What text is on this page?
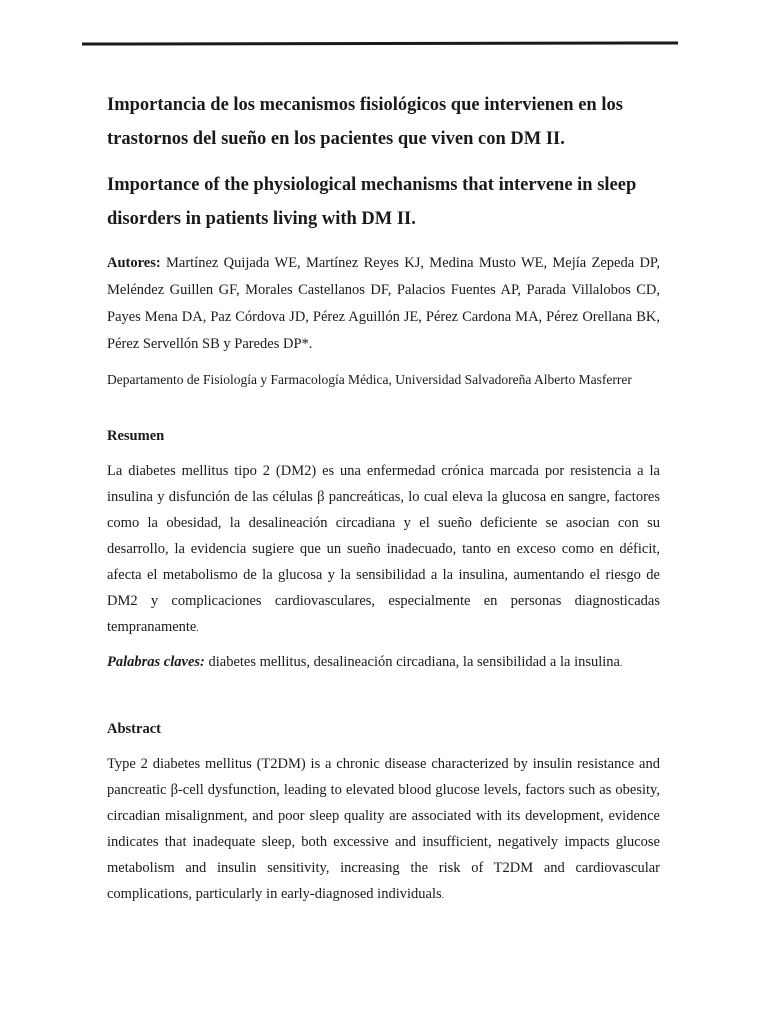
Importancia de los mecanismos fisiológicos que intervienen en los trastornos del sueño en los pacientes que viven con DM II.
Importance of the physiological mechanisms that intervene in sleep disorders in patients living with DM II.

Autores: Martínez Quijada WE, Martínez Reyes KJ, Medina Musto WE, Mejía Zepeda DP, Meléndez Guillen GF, Morales Castellanos DF, Palacios Fuentes AP, Parada Villalobos CD, Payes Mena DA, Paz Córdova JD, Pérez Aguillón JE, Pérez Cardona MA, Pérez Orellana BK, Pérez Servellón SB y Paredes DP*.

Departamento de Fisiología y Farmacología Médica, Universidad Salvadoreña Alberto Masferrer

Resumen

La diabetes mellitus tipo 2 (DM2) es una enfermedad crónica marcada por resistencia a la insulina y disfunción de las células β pancreáticas, lo cual eleva la glucosa en sangre, factores como la obesidad, la desalineación circadiana y el sueño deficiente se asocian con su desarrollo, la evidencia sugiere que un sueño inadecuado, tanto en exceso como en déficit, afecta el metabolismo de la glucosa y la sensibilidad a la insulina, aumentando el riesgo de DM2 y complicaciones cardiovasculares, especialmente en personas diagnosticadas tempranamente.

Palabras claves: diabetes mellitus, desalineación circadiana, la sensibilidad a la insulina.

Abstract

Type 2 diabetes mellitus (T2DM) is a chronic disease characterized by insulin resistance and pancreatic β-cell dysfunction, leading to elevated blood glucose levels, factors such as obesity, circadian misalignment, and poor sleep quality are associated with its development, evidence indicates that inadequate sleep, both excessive and insufficient, negatively impacts glucose metabolism and insulin sensitivity, increasing the risk of T2DM and cardiovascular complications, particularly in early-diagnosed individuals.
